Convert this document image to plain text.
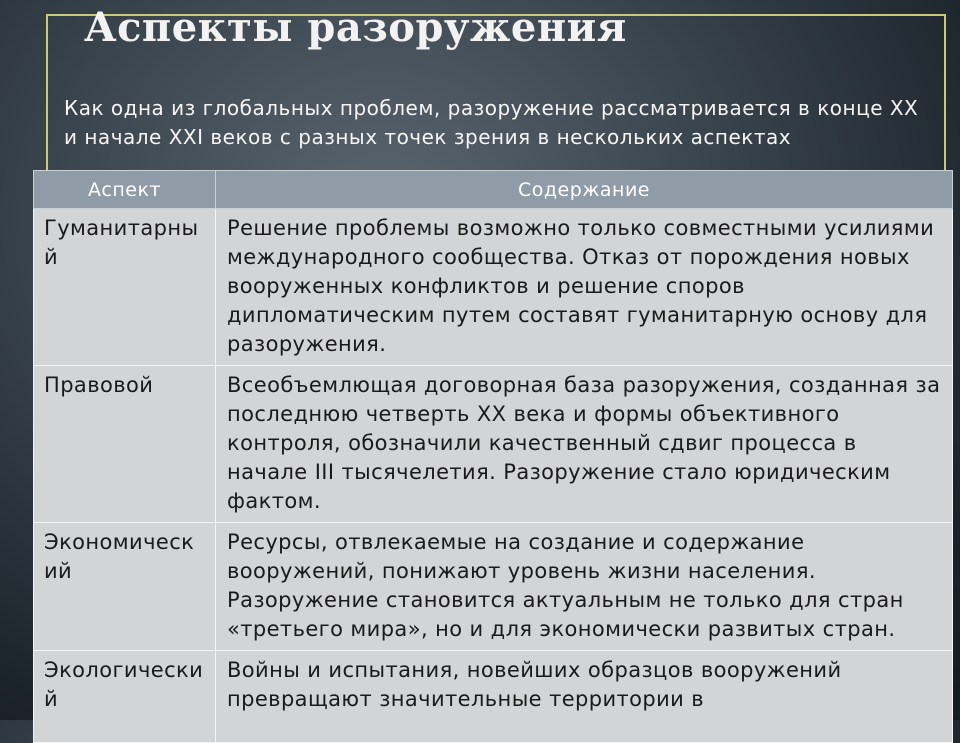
Аспекты разоружения

Как одна из глобальных проблем, разоружение рассматривается в конце XX и начале XXI веков с разных точек зрения в нескольких аспектах

Аспект	Содержание
Гуманитарный	Решение проблемы возможно только совместными усилиями международного сообщества. Отказ от порождения новых вооруженных конфликтов и решение споров дипломатическим путем составят гуманитарную основу для разоружения.
Правовой	Всеобъемлющая договорная база разоружения, созданная за последнюю четверть XX века и формы объективного контроля, обозначили качественный сдвиг процесса в начале III тысячелетия. Разоружение стало юридическим фактом.
Экономический	Ресурсы, отвлекаемые на создание и содержание вооружений, понижают уровень жизни населения. Разоружение становится актуальным не только для стран «третьего мира», но и для экономически развитых стран.
Экологический	Войны и испытания, новейших образцов вооружений превращают значительные территории в
